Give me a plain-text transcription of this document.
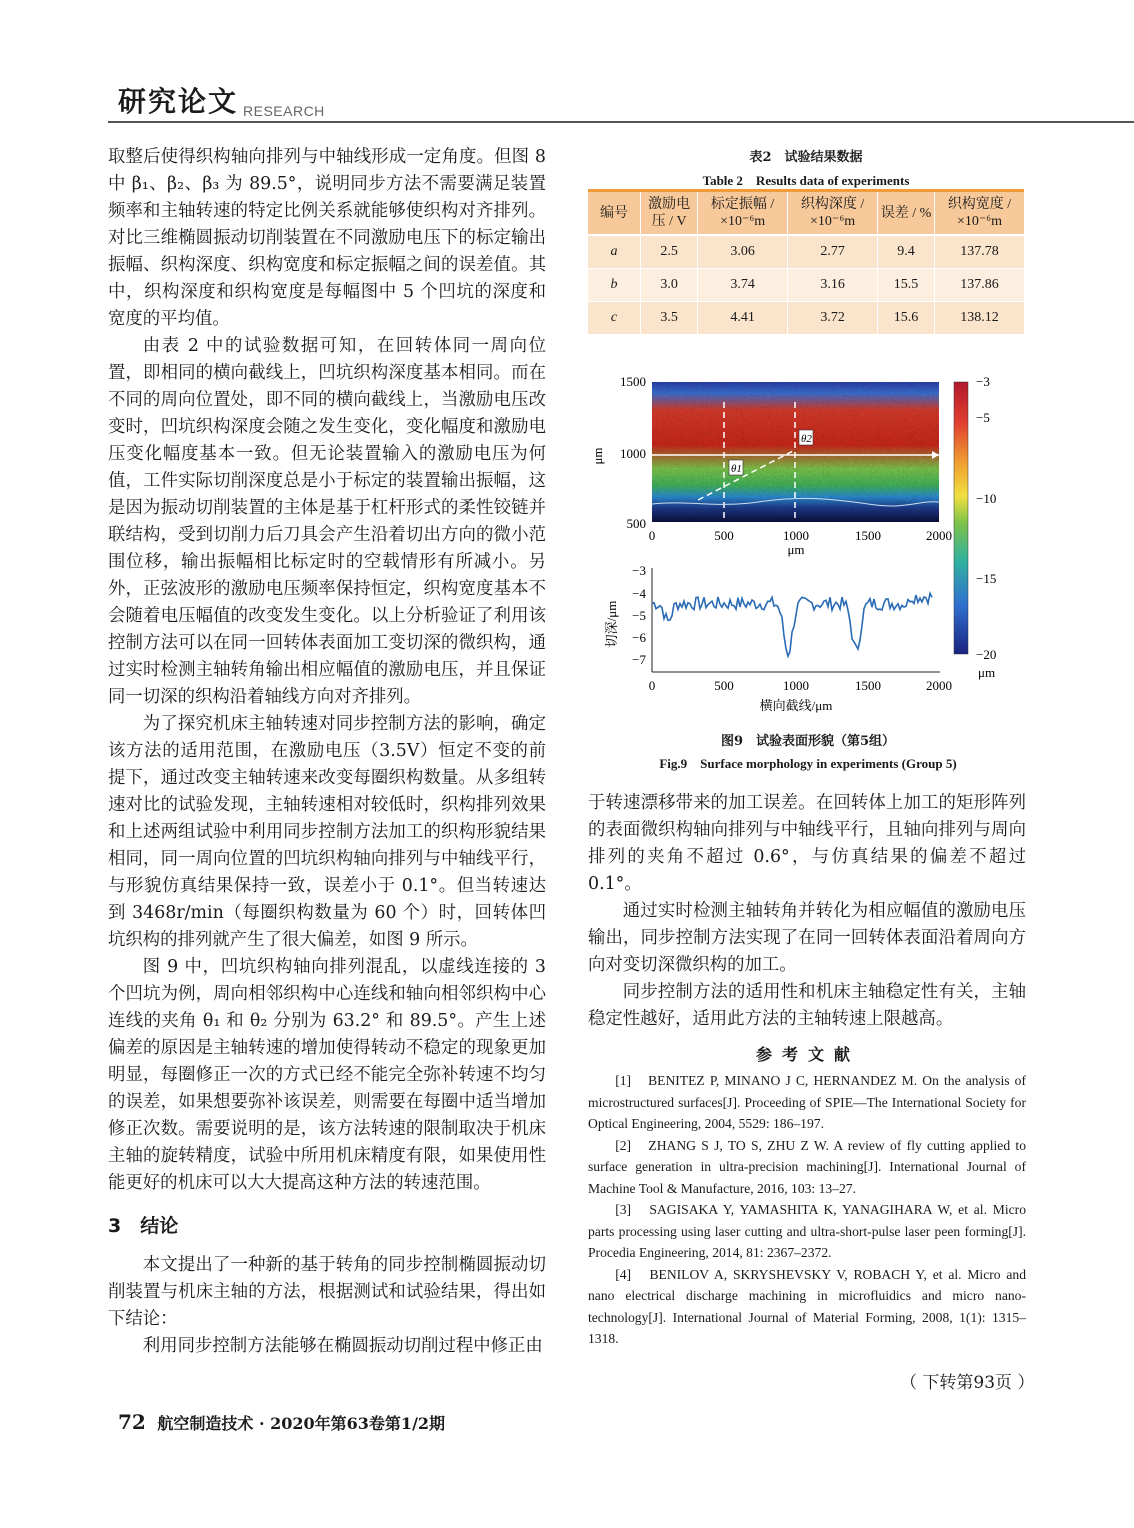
研究论文 RESEARCH

取整后使得织构轴向排列与中轴线形成一定角度。但图 8 中 β₁、β₂、β₃ 为 89.5°，说明同步方法不需要满足装置频率和主轴转速的特定比例关系就能够使织构对齐排列。对比三维椭圆振动切削装置在不同激励电压下的标定输出振幅、织构深度、织构宽度和标定振幅之间的误差值。其中，织构深度和织构宽度是每幅图中 5 个凹坑的深度和宽度的平均值。

由表 2 中的试验数据可知，在回转体同一周向位置，即相同的横向截线上，凹坑织构深度基本相同。而在不同的周向位置处，即不同的横向截线上，当激励电压改变时，凹坑织构深度会随之发生变化，变化幅度和激励电压变化幅度基本一致。但无论装置输入的激励电压为何值，工件实际切削深度总是小于标定的装置输出振幅，这是因为振动切削装置的主体是基于杠杆形式的柔性铰链并联结构，受到切削力后刀具会产生沿着切出方向的微小范围位移，输出振幅相比标定时的空载情形有所减小。另外，正弦波形的激励电压频率保持恒定，织构宽度基本不会随着电压幅值的改变发生变化。以上分析验证了利用该控制方法可以在同一回转体表面加工变切深的微织构，通过实时检测主轴转角输出相应幅值的激励电压，并且保证同一切深的织构沿着轴线方向对齐排列。

为了探究机床主轴转速对同步控制方法的影响，确定该方法的适用范围，在激励电压（3.5V）恒定不变的前提下，通过改变主轴转速来改变每圈织构数量。从多组转速对比的试验发现，主轴转速相对较低时，织构排列效果和上述两组试验中利用同步控制方法加工的织构形貌结果相同，同一周向位置的凹坑织构轴向排列与中轴线平行，与形貌仿真结果保持一致，误差小于 0.1°。但当转速达到 3468r/min（每圈织构数量为 60 个）时，回转体凹坑织构的排列就产生了很大偏差，如图 9 所示。

图 9 中，凹坑织构轴向排列混乱，以虚线连接的 3 个凹坑为例，周向相邻织构中心连线和轴向相邻织构中心连线的夹角 θ₁ 和 θ₂ 分别为 63.2° 和 89.5°。产生上述偏差的原因是主轴转速的增加使得转动不稳定的现象更加明显，每圈修正一次的方式已经不能完全弥补转速不均匀的误差，如果想要弥补该误差，则需要在每圈中适当增加修正次数。需要说明的是，该方法转速的限制取决于机床主轴的旋转精度，试验中所用机床精度有限，如果使用性能更好的机床可以大大提高这种方法的转速范围。

3　结论

本文提出了一种新的基于转角的同步控制椭圆振动切削装置与机床主轴的方法，根据测试和试验结果，得出如下结论：

利用同步控制方法能够在椭圆振动切削过程中修正由

表2　试验结果数据
Table 2　Results data of experiments
编号	激励电压 / V	标定振幅 / ×10⁻⁶m	织构深度 / ×10⁻⁶m	误差 / %	织构宽度 / ×10⁻⁶m
a	2.5	3.06	2.77	9.4	137.78
b	3.0	3.74	3.16	15.5	137.86
c	3.5	4.41	3.72	15.6	138.12
θ1
θ2
1500
1000
500
μm
0	500	1000	1500	2000
μm
−3
−4
−5
−6
−7
切深/μm
0	500	1000	1500	2000
横向截线/μm
−3
−5
−10
−15
−20
μm
图9　试验表面形貌（第5组）
Fig.9　Surface morphology in experiments (Group 5)

于转速漂移带来的加工误差。在回转体上加工的矩形阵列的表面微织构轴向排列与中轴线平行，且轴向排列与周向排列的夹角不超过 0.6°，与仿真结果的偏差不超过 0.1°。

通过实时检测主轴转角并转化为相应幅值的激励电压输出，同步控制方法实现了在同一回转体表面沿着周向方向对变切深微织构的加工。

同步控制方法的适用性和机床主轴稳定性有关，主轴稳定性越好，适用此方法的主轴转速上限越高。

参考文献

[1]　BENITEZ P, MINANO J C, HERNANDEZ M. On the analysis of microstructured surfaces[J]. Proceeding of SPIE—The International Society for Optical Engineering, 2004, 5529: 186–197.

[2]　ZHANG S J, TO S, ZHU Z W. A review of fly cutting applied to surface generation in ultra-precision machining[J]. International Journal of Machine Tool & Manufacture, 2016, 103: 13–27.

[3]　SAGISAKA Y, YAMASHITA K, YANAGIHARA W, et al. Micro parts processing using laser cutting and ultra-short-pulse laser peen forming[J]. Procedia Engineering, 2014, 81: 2367–2372.

[4]　BENILOV A, SKRYSHEVSKY V, ROBACH Y, et al. Micro and nano electrical discharge machining in microfluidics and micro nano-technology[J]. International Journal of Material Forming, 2008, 1(1): 1315–1318.

（ 下转第93页 ）
72 航空制造技术 · 2020年第63卷第1/2期
